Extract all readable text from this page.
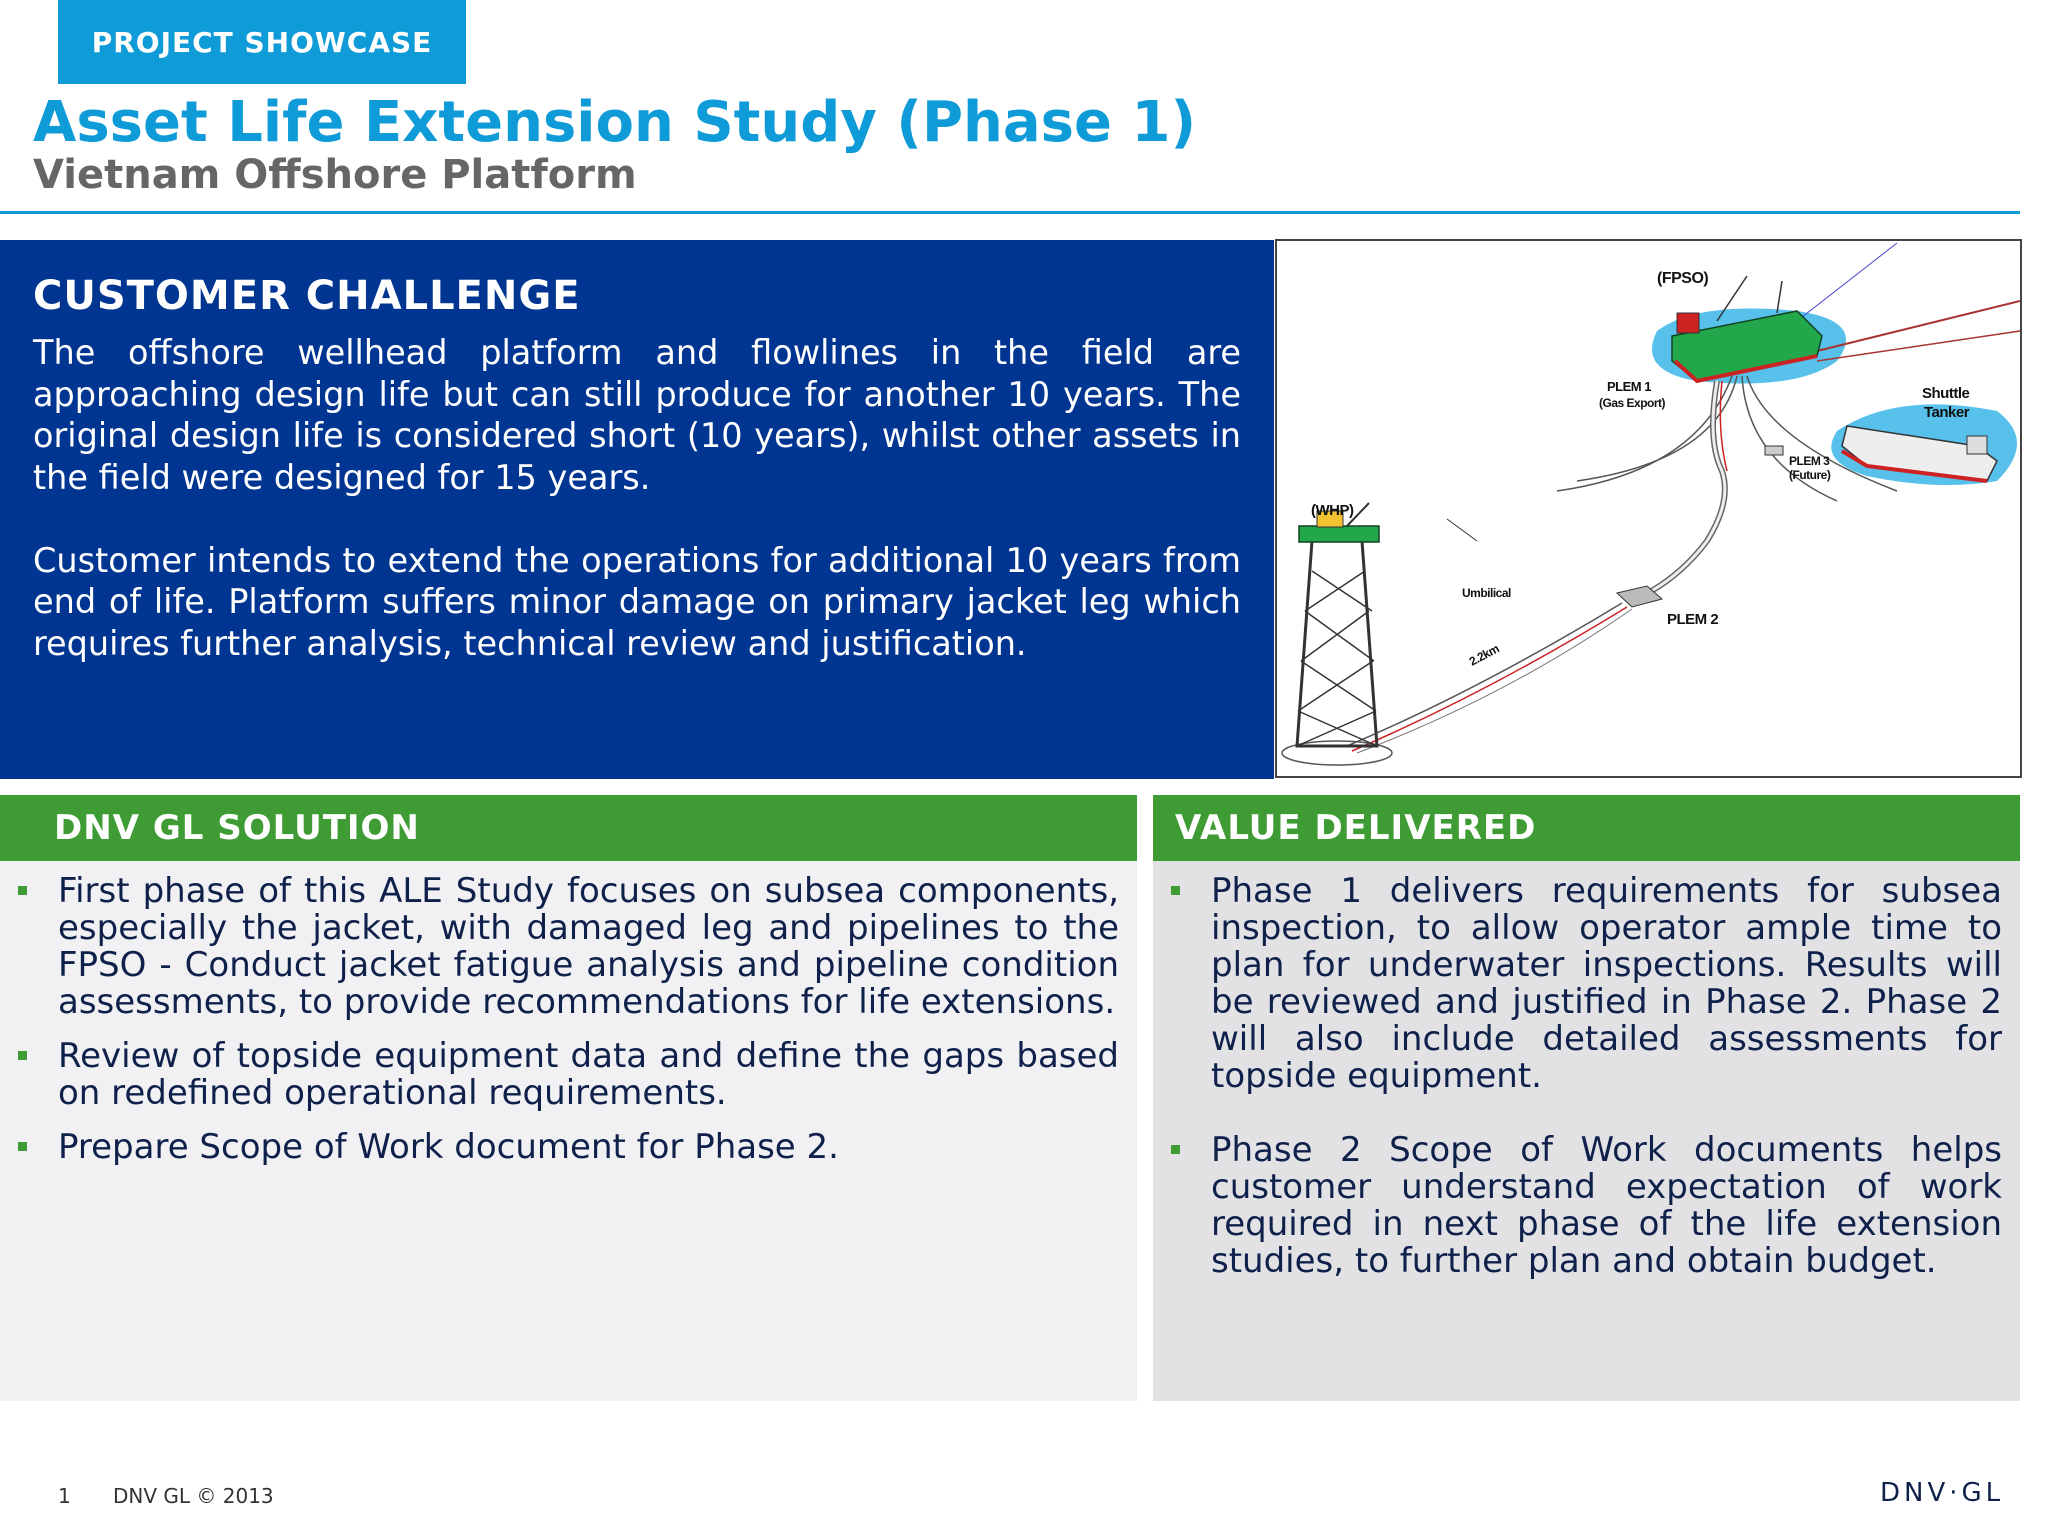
PROJECT SHOWCASE
Asset Life Extension Study (Phase 1)
Vietnam Offshore Platform
CUSTOMER CHALLENGE

The offshore wellhead platform and flowlines in the field are approaching design life but can still produce for another 10 years. The original design life is considered short (10 years), whilst other assets in the field were designed for 15 years.

Customer intends to extend the operations for additional 10 years from end of life. Platform suffers minor damage on primary jacket leg which requires further analysis, technical review and justification.

(FPSO)
PLEM 1
(Gas Export)
Shuttle
Tanker
PLEM 3
(Future)
(WHP)
Umbilical
PLEM 2
2.2km
DNV GL SOLUTION
First phase of this ALE Study focuses on subsea components, especially the jacket, with damaged leg and pipelines to the FPSO - Conduct jacket fatigue analysis and pipeline condition assessments, to provide recommendations for life extensions.
Review of topside equipment data and define the gaps based on redefined operational requirements.
Prepare Scope of Work document for Phase 2.
VALUE DELIVERED
Phase 1 delivers requirements for subsea inspection, to allow operator ample time to plan for underwater inspections. Results will be reviewed and justified in Phase 2. Phase 2 will also include detailed assessments for topside equipment.
Phase 2 Scope of Work documents helps customer understand expectation of work required in next phase of the life extension studies, to further plan and obtain budget.
1 DNV GL © 2013	DNV·GL
